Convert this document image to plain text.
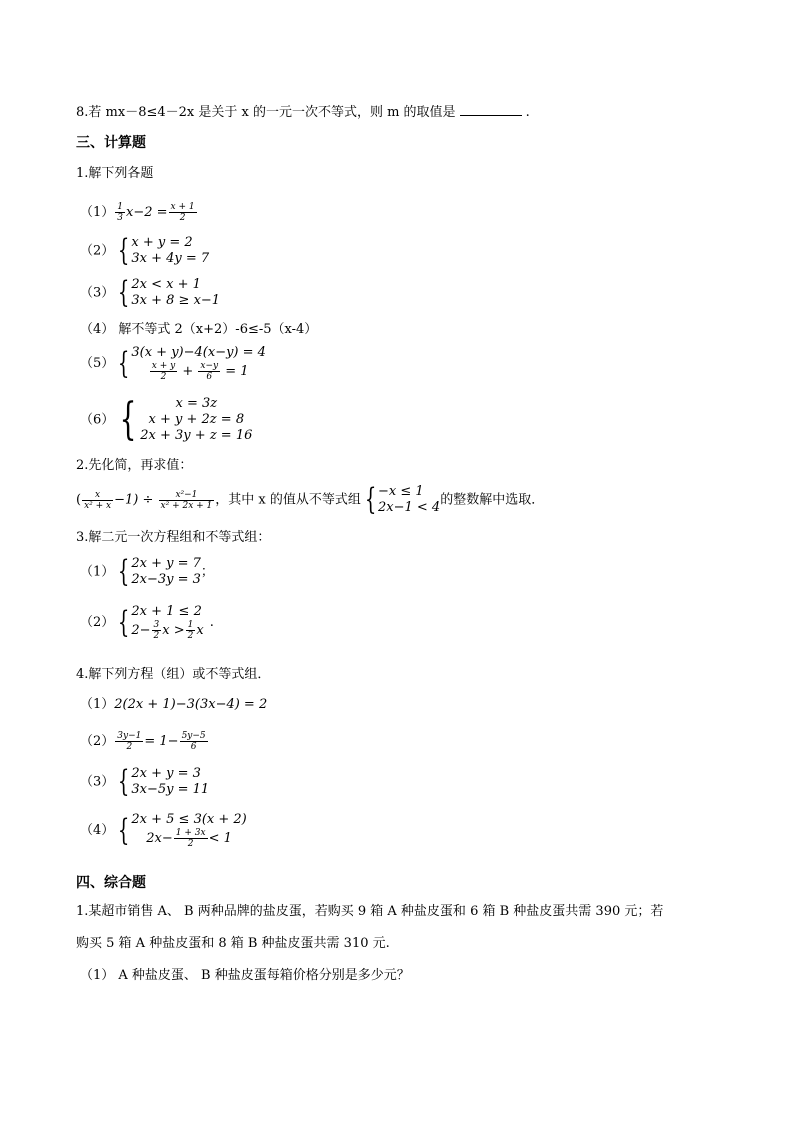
8.若 mx－8≤4－2x 是关于 x 的一元一次不等式，则 m 的取值是	.
三、计算题
1.解下列各题
$(1) \frac{1}{3} x-2 = \frac{x + 1}{2}$
（2） { x + y = 2
3x + 4y = 7
（3） { 2x < x + 1
3x + 8 ≥ x−1
（4） 解不等式 2（x+2）-6≤-5（x-4）
（5） { 3(x + y)−4(x−y) = 4
$\frac{x + y}{2} + \frac{x-y}{6} = 1$
（6） {	x = 3z
x + y + 2z = 8
2x + 3y + z = 16
2.先化简，再求值：
( $\frac{x}{\text{x² + x}} -1) \div \frac{\text{x²−1}}{\text{x² + 2x + 1}}$ ，其中 x 的值从不等式组 { −x ≤ 1
2x−1 < 4 的整数解中选取．
3.解二元一次方程组和不等式组：
（1） { 2x + y = 7
2x−3y = 3 ；
（2） { 2x + 1 ≤ 2
$2- \frac{3}{2}$ $x > \frac{1}{2}$ x
.
4.解下列方程（组）或不等式组．
（1）2(2x + 1)−3(3x−4) = 2
$(2) \frac{3y-1}{2} = 1- \frac{5y-5}{6}$
（3） { 2x + y = 3
3x−5y = 11
（4） { 2x + 5 ≤ 3(x + 2)
$2x- \frac{1 + 3x}{2} < 1$
四、综合题
1.某超市销售 A、 B 两种品牌的盐皮蛋，若购买 9 箱 A 种盐皮蛋和 6 箱 B 种盐皮蛋共需 390 元；若
购买 5 箱 A 种盐皮蛋和 8 箱 B 种盐皮蛋共需 310 元.
（1） A 种盐皮蛋、 B 种盐皮蛋每箱价格分别是多少元？
